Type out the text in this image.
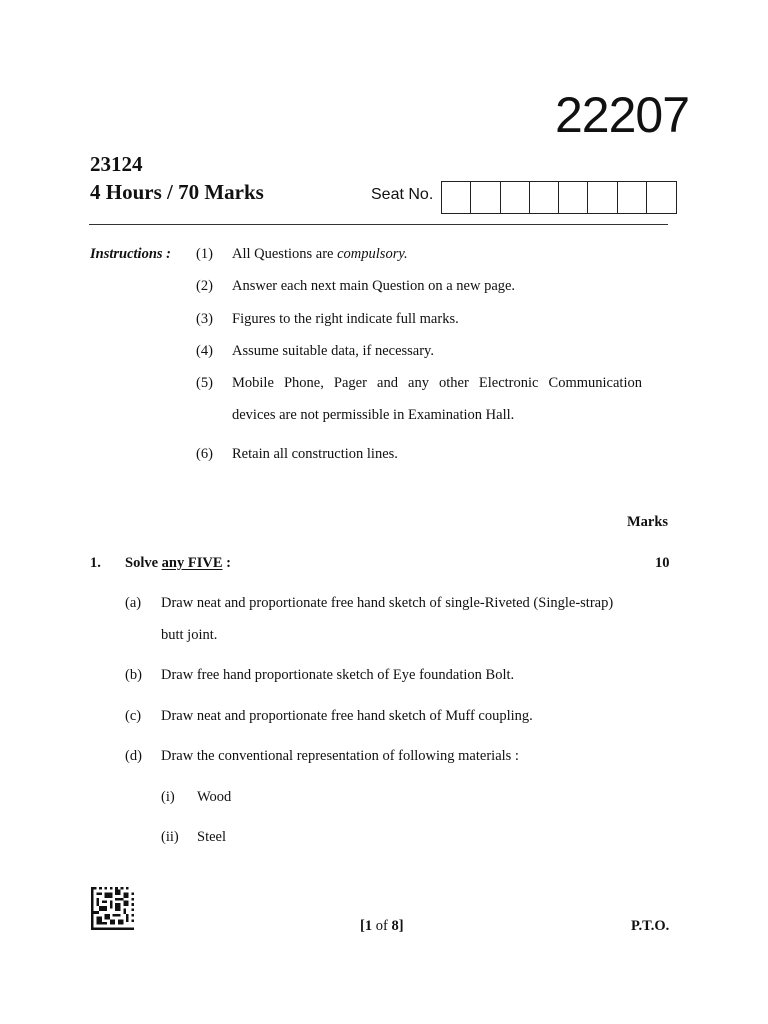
22207
23124
4 Hours / 70 Marks	Seat No.
Instructions : (1) All Questions are compulsory.
(2) Answer each next main Question on a new page.
(3) Figures to the right indicate full marks.
(4) Assume suitable data, if necessary.
(5) Mobile Phone, Pager and any other Electronic Communication
devices are not permissible in Examination Hall.
(6) Retain all construction lines.
Marks
1. Solve any FIVE :	10
(a) Draw neat and proportionate free hand sketch of single-Riveted (Single-strap)
butt joint.
(b) Draw free hand proportionate sketch of Eye foundation Bolt.
(c) Draw neat and proportionate free hand sketch of Muff coupling.
(d) Draw the conventional representation of following materials :
(i) Wood
(ii) Steel
[1 of 8]	P.T.O.
